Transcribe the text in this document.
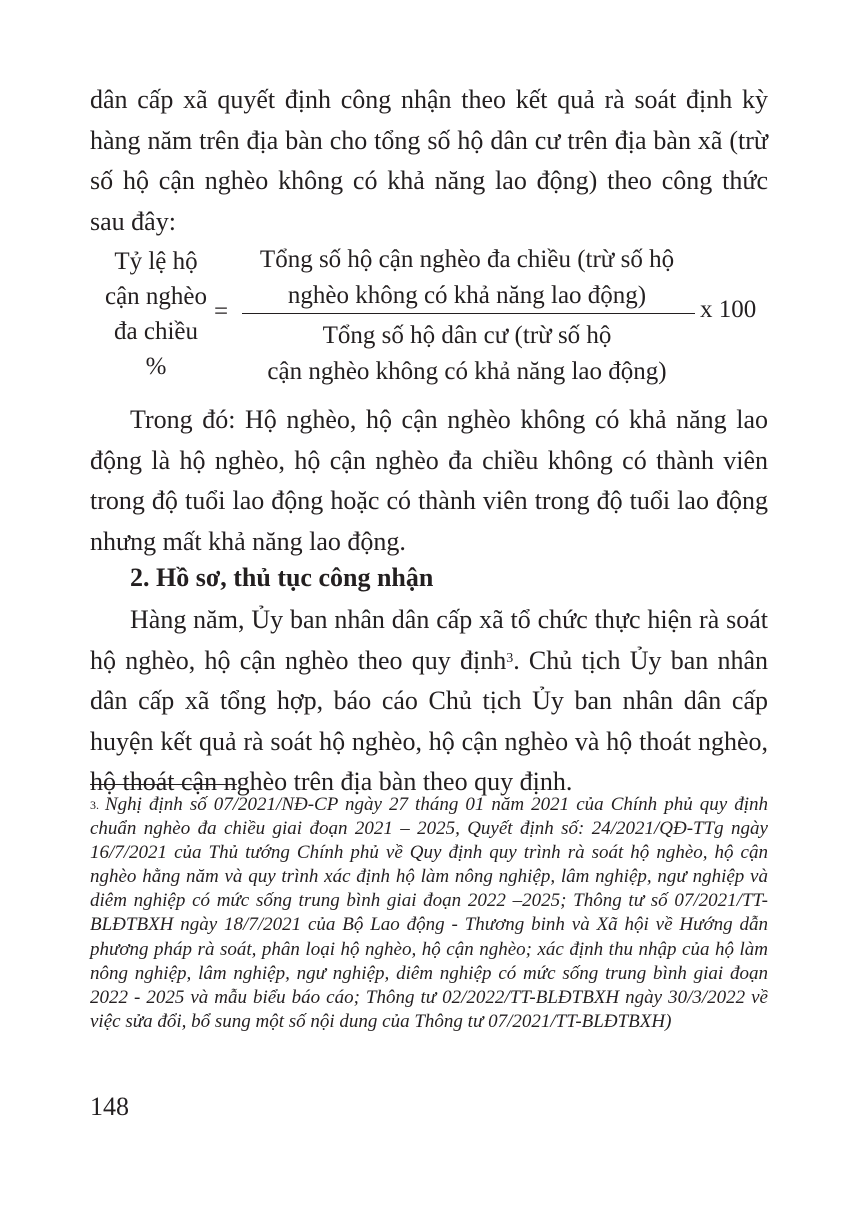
dân cấp xã quyết định công nhận theo kết quả rà soát định kỳ hàng năm trên địa bàn cho tổng số hộ dân cư trên địa bàn xã (trừ số hộ cận nghèo không có khả năng lao động) theo công thức sau đây:

Tỷ lệ hộ
cận nghèo
đa chiều
%
=
Tổng số hộ cận nghèo đa chiều (trừ số hộ
nghèo không có khả năng lao động)
Tổng số hộ dân cư (trừ số hộ
cận nghèo không có khả năng lao động)
x 100

Trong đó: Hộ nghèo, hộ cận nghèo không có khả năng lao động là hộ nghèo, hộ cận nghèo đa chiều không có thành viên trong độ tuổi lao động hoặc có thành viên trong độ tuổi lao động nhưng mất khả năng lao động.

2. Hồ sơ, thủ tục công nhận

Hàng năm, Ủy ban nhân dân cấp xã tổ chức thực hiện rà soát hộ nghèo, hộ cận nghèo theo quy định$^3$. Chủ tịch Ủy ban nhân dân cấp xã tổng hợp, báo cáo Chủ tịch Ủy ban nhân dân cấp huyện kết quả rà soát hộ nghèo, hộ cận nghèo và hộ thoát nghèo, hộ thoát cận nghèo trên địa bàn theo quy định.

$^{3.}$ Nghị định số 07/2021/NĐ-CP ngày 27 tháng 01 năm 2021 của Chính phủ quy định chuẩn nghèo đa chiều giai đoạn 2021 – 2025, Quyết định số: 24/2021/QĐ-TTg ngày 16/7/2021 của Thủ tướng Chính phủ về Quy định quy trình rà soát hộ nghèo, hộ cận nghèo hằng năm và quy trình xác định hộ làm nông nghiệp, lâm nghiệp, ngư nghiệp và diêm nghiệp có mức sống trung bình giai đoạn 2022 –2025; Thông tư số 07/2021/TT-BLĐTBXH ngày 18/7/2021 của Bộ Lao động - Thương binh và Xã hội về Hướng dẫn phương pháp rà soát, phân loại hộ nghèo, hộ cận nghèo; xác định thu nhập của hộ làm nông nghiệp, lâm nghiệp, ngư nghiệp, diêm nghiệp có mức sống trung bình giai đoạn 2022 - 2025 và mẫu biểu báo cáo; Thông tư 02/2022/TT-BLĐTBXH ngày 30/3/2022 về việc sửa đổi, bổ sung một số nội dung của Thông tư 07/2021/TT-BLĐTBXH)
148
